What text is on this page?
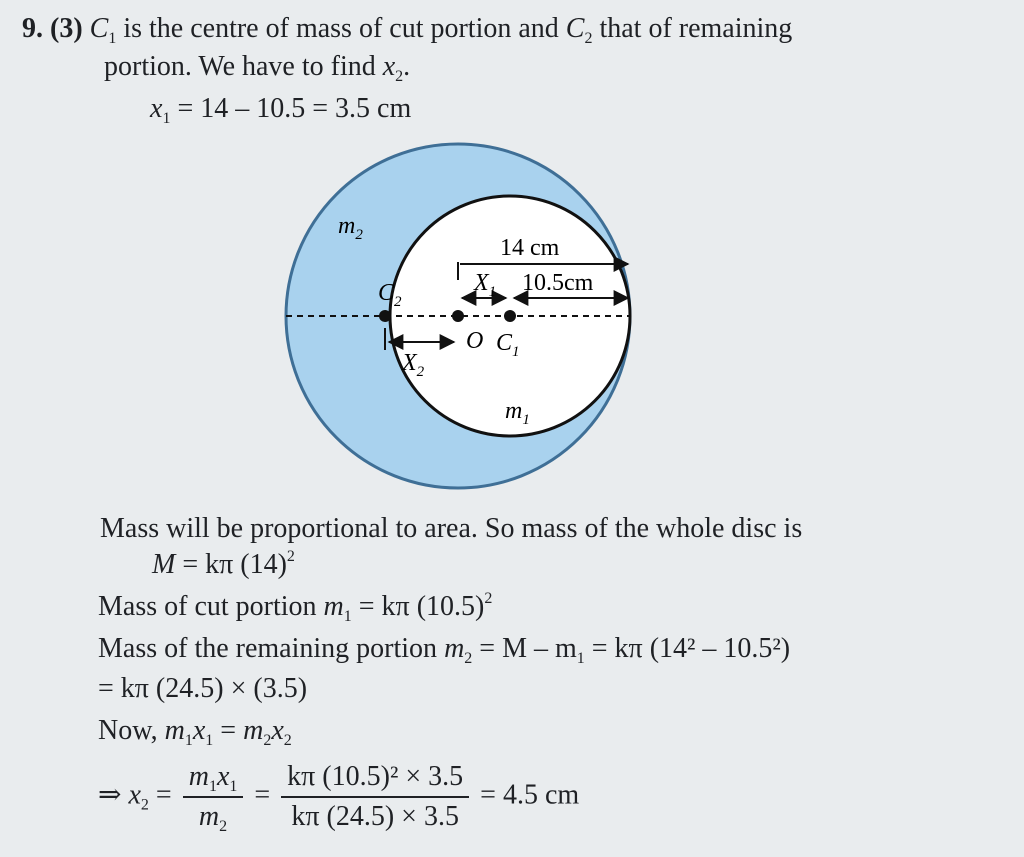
9. (3) $C_1$ is the centre of mass of cut portion and $C_2$ that of remaining
portion. We have to find $x_2$.
$x_1 = 14 - 10.5 = 3.5$ cm
$m_2$	14 cm
$X_1$ 10.5cm
$C_2$
O $C_1$
$X_2$
$m_1$
Mass will be proportional to area. So mass of the whole disc is
M = kπ $(14)^2$
Mass of cut portion $m_1 = k\pi$ $(10.5)^2$
Mass of the remaining portion $m_2 = M - m_1 = k\pi$ (14² – 10.5²)
= kπ (24.5) × (3.5)
Now, $m_1x_1 = m_2x_2$
⇒ $x_2 = \frac{m_1x_1}{m_2} = \frac{\text{kπ (10.5)² × 3.5}}{k\pi (24.5) \times 3.5} = 4.5$ cm
